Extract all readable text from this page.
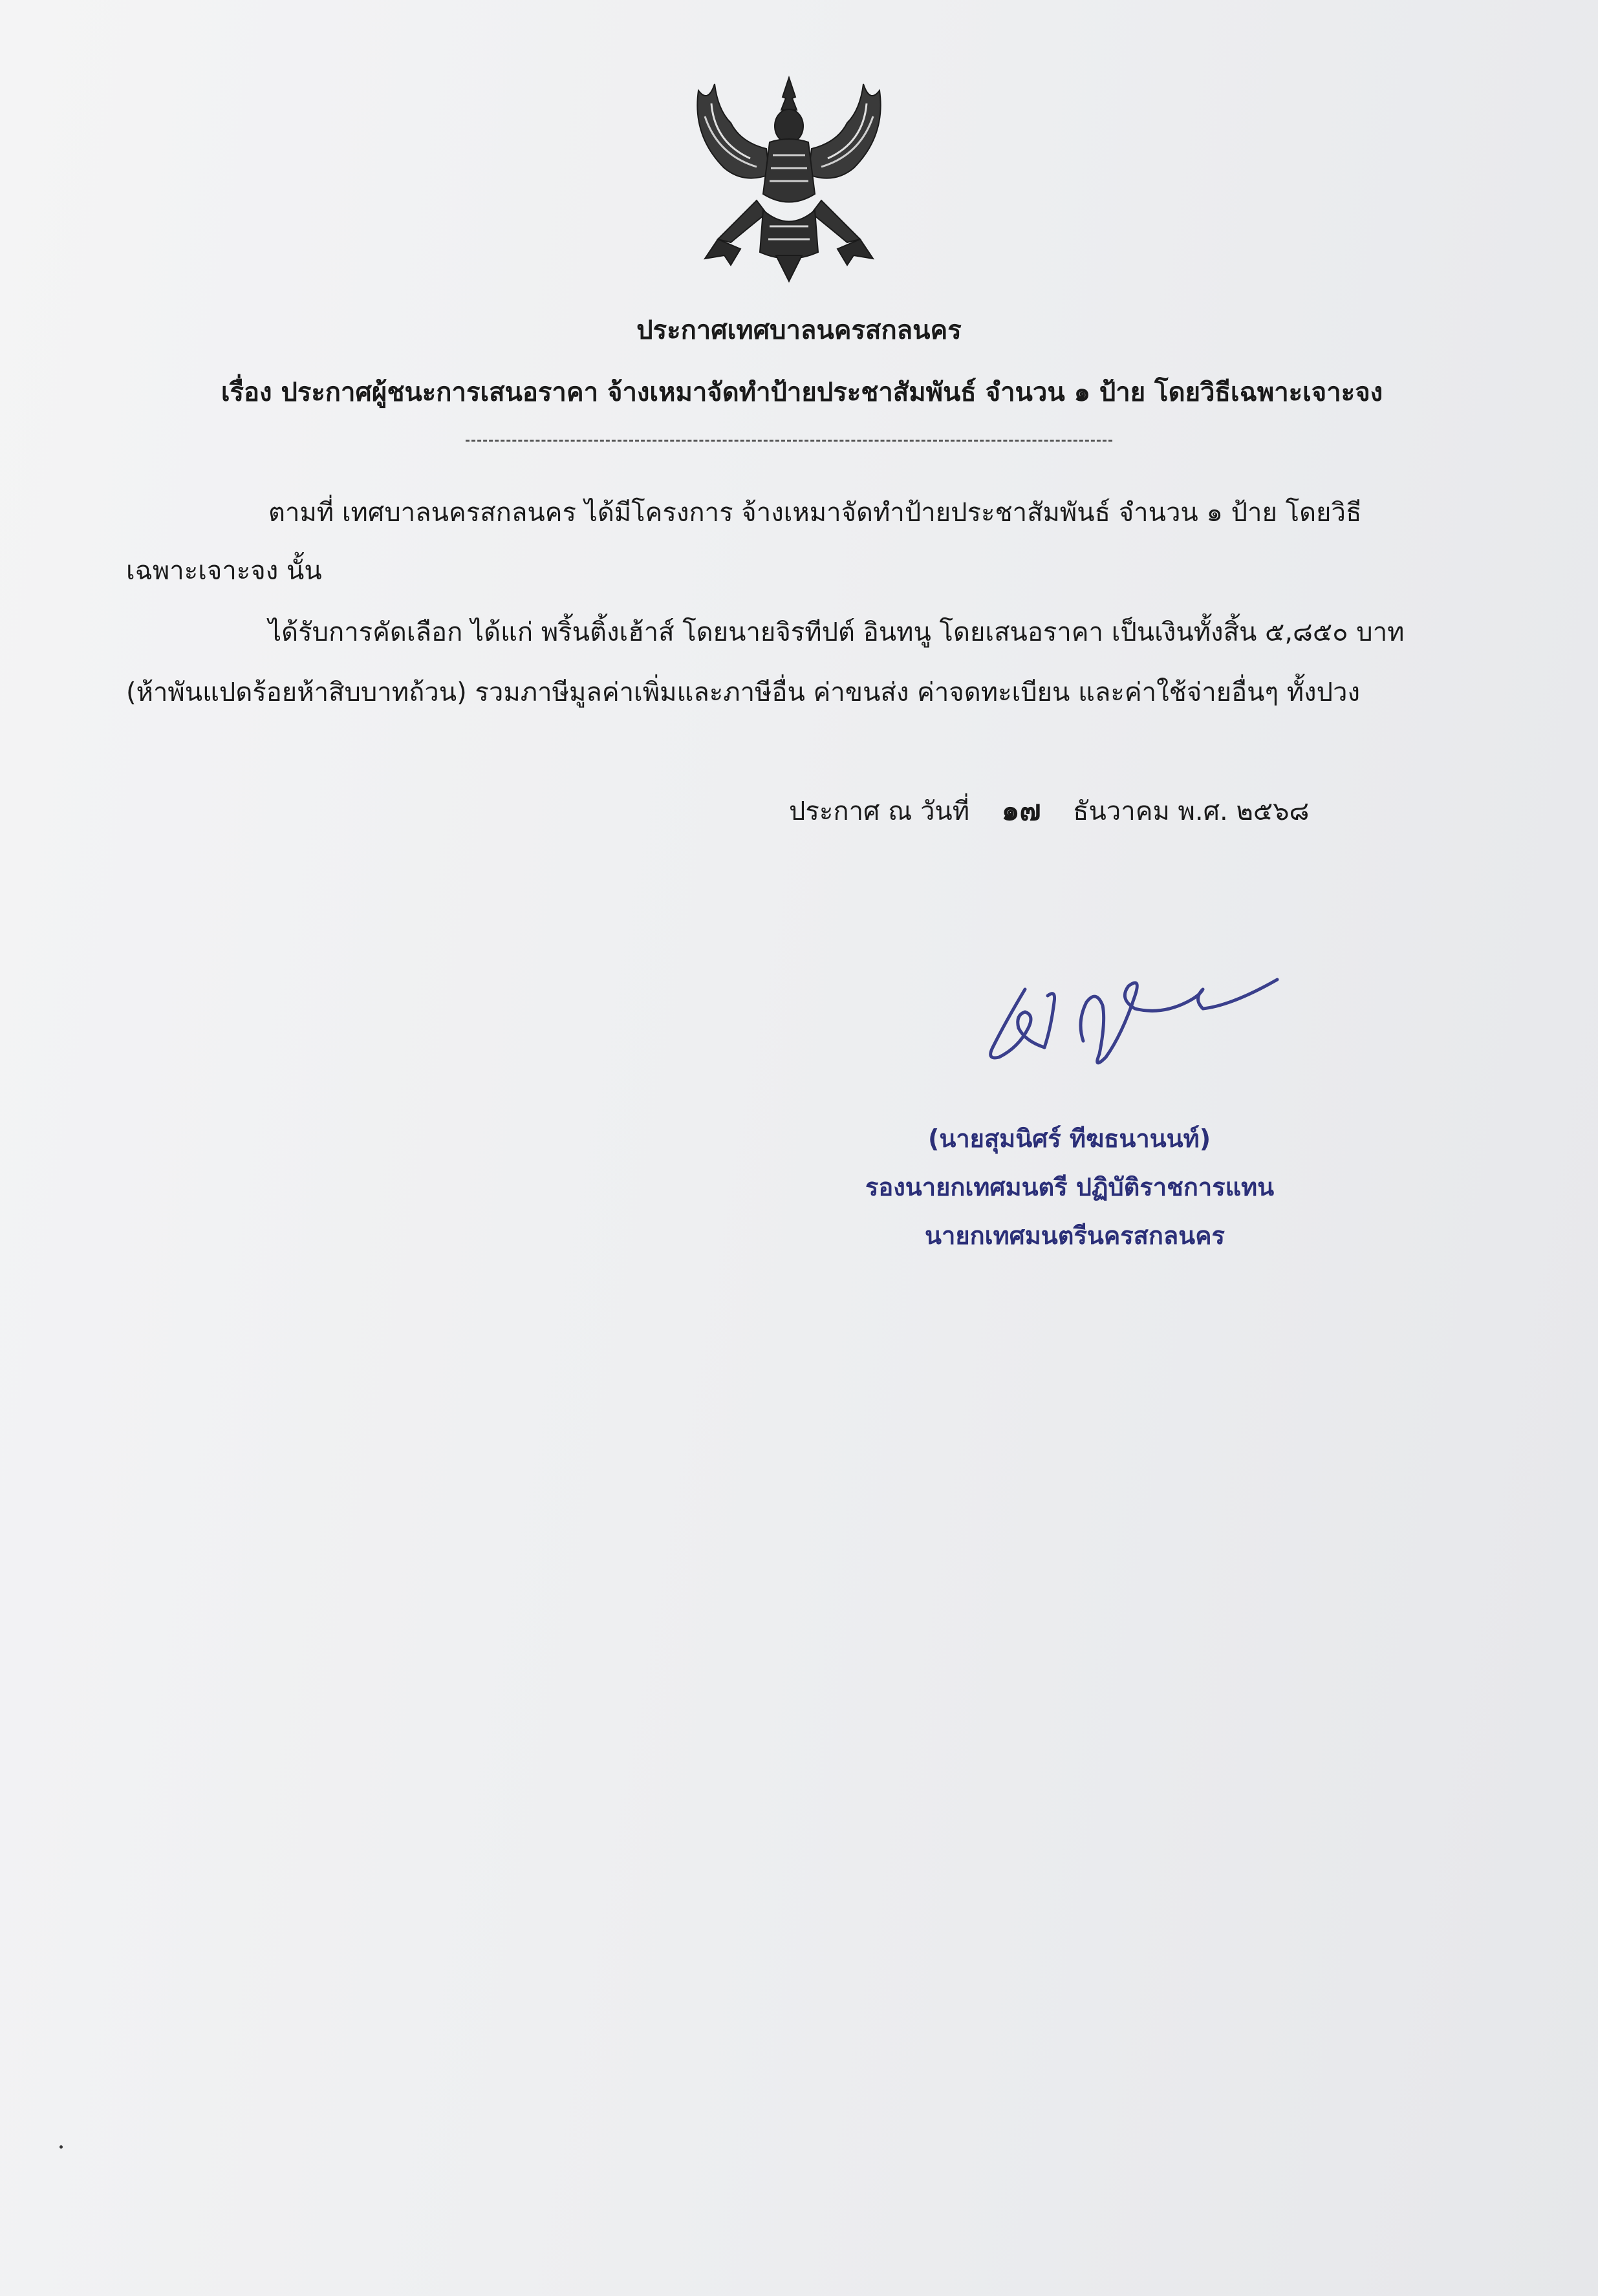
ประกาศเทศบาลนครสกลนคร
เรื่อง ประกาศผู้ชนะการเสนอราคา จ้างเหมาจัดทำป้ายประชาสัมพันธ์ จำนวน ๑ ป้าย โดยวิธีเฉพาะเจาะจง
ตามที่ เทศบาลนครสกลนคร ได้มีโครงการ จ้างเหมาจัดทำป้ายประชาสัมพันธ์ จำนวน ๑ ป้าย โดยวิธี
เฉพาะเจาะจง นั้น
ได้รับการคัดเลือก ได้แก่ พริ้นติ้งเฮ้าส์ โดยนายจิรทีปต์ อินทนู โดยเสนอราคา เป็นเงินทั้งสิ้น ๕,๘๕๐ บาท
(ห้าพันแปดร้อยห้าสิบบาทถ้วน) รวมภาษีมูลค่าเพิ่มและภาษีอื่น ค่าขนส่ง ค่าจดทะเบียน และค่าใช้จ่ายอื่นๆ ทั้งปวง
ประกาศ ณ วันที่ ๑๗ ธันวาคม พ.ศ. ๒๕๖๘
(นายสุมนิศร์ ทีฆธนานนท์)
รองนายกเทศมนตรี ปฏิบัติราชการแทน
นายกเทศมนตรีนครสกลนคร
